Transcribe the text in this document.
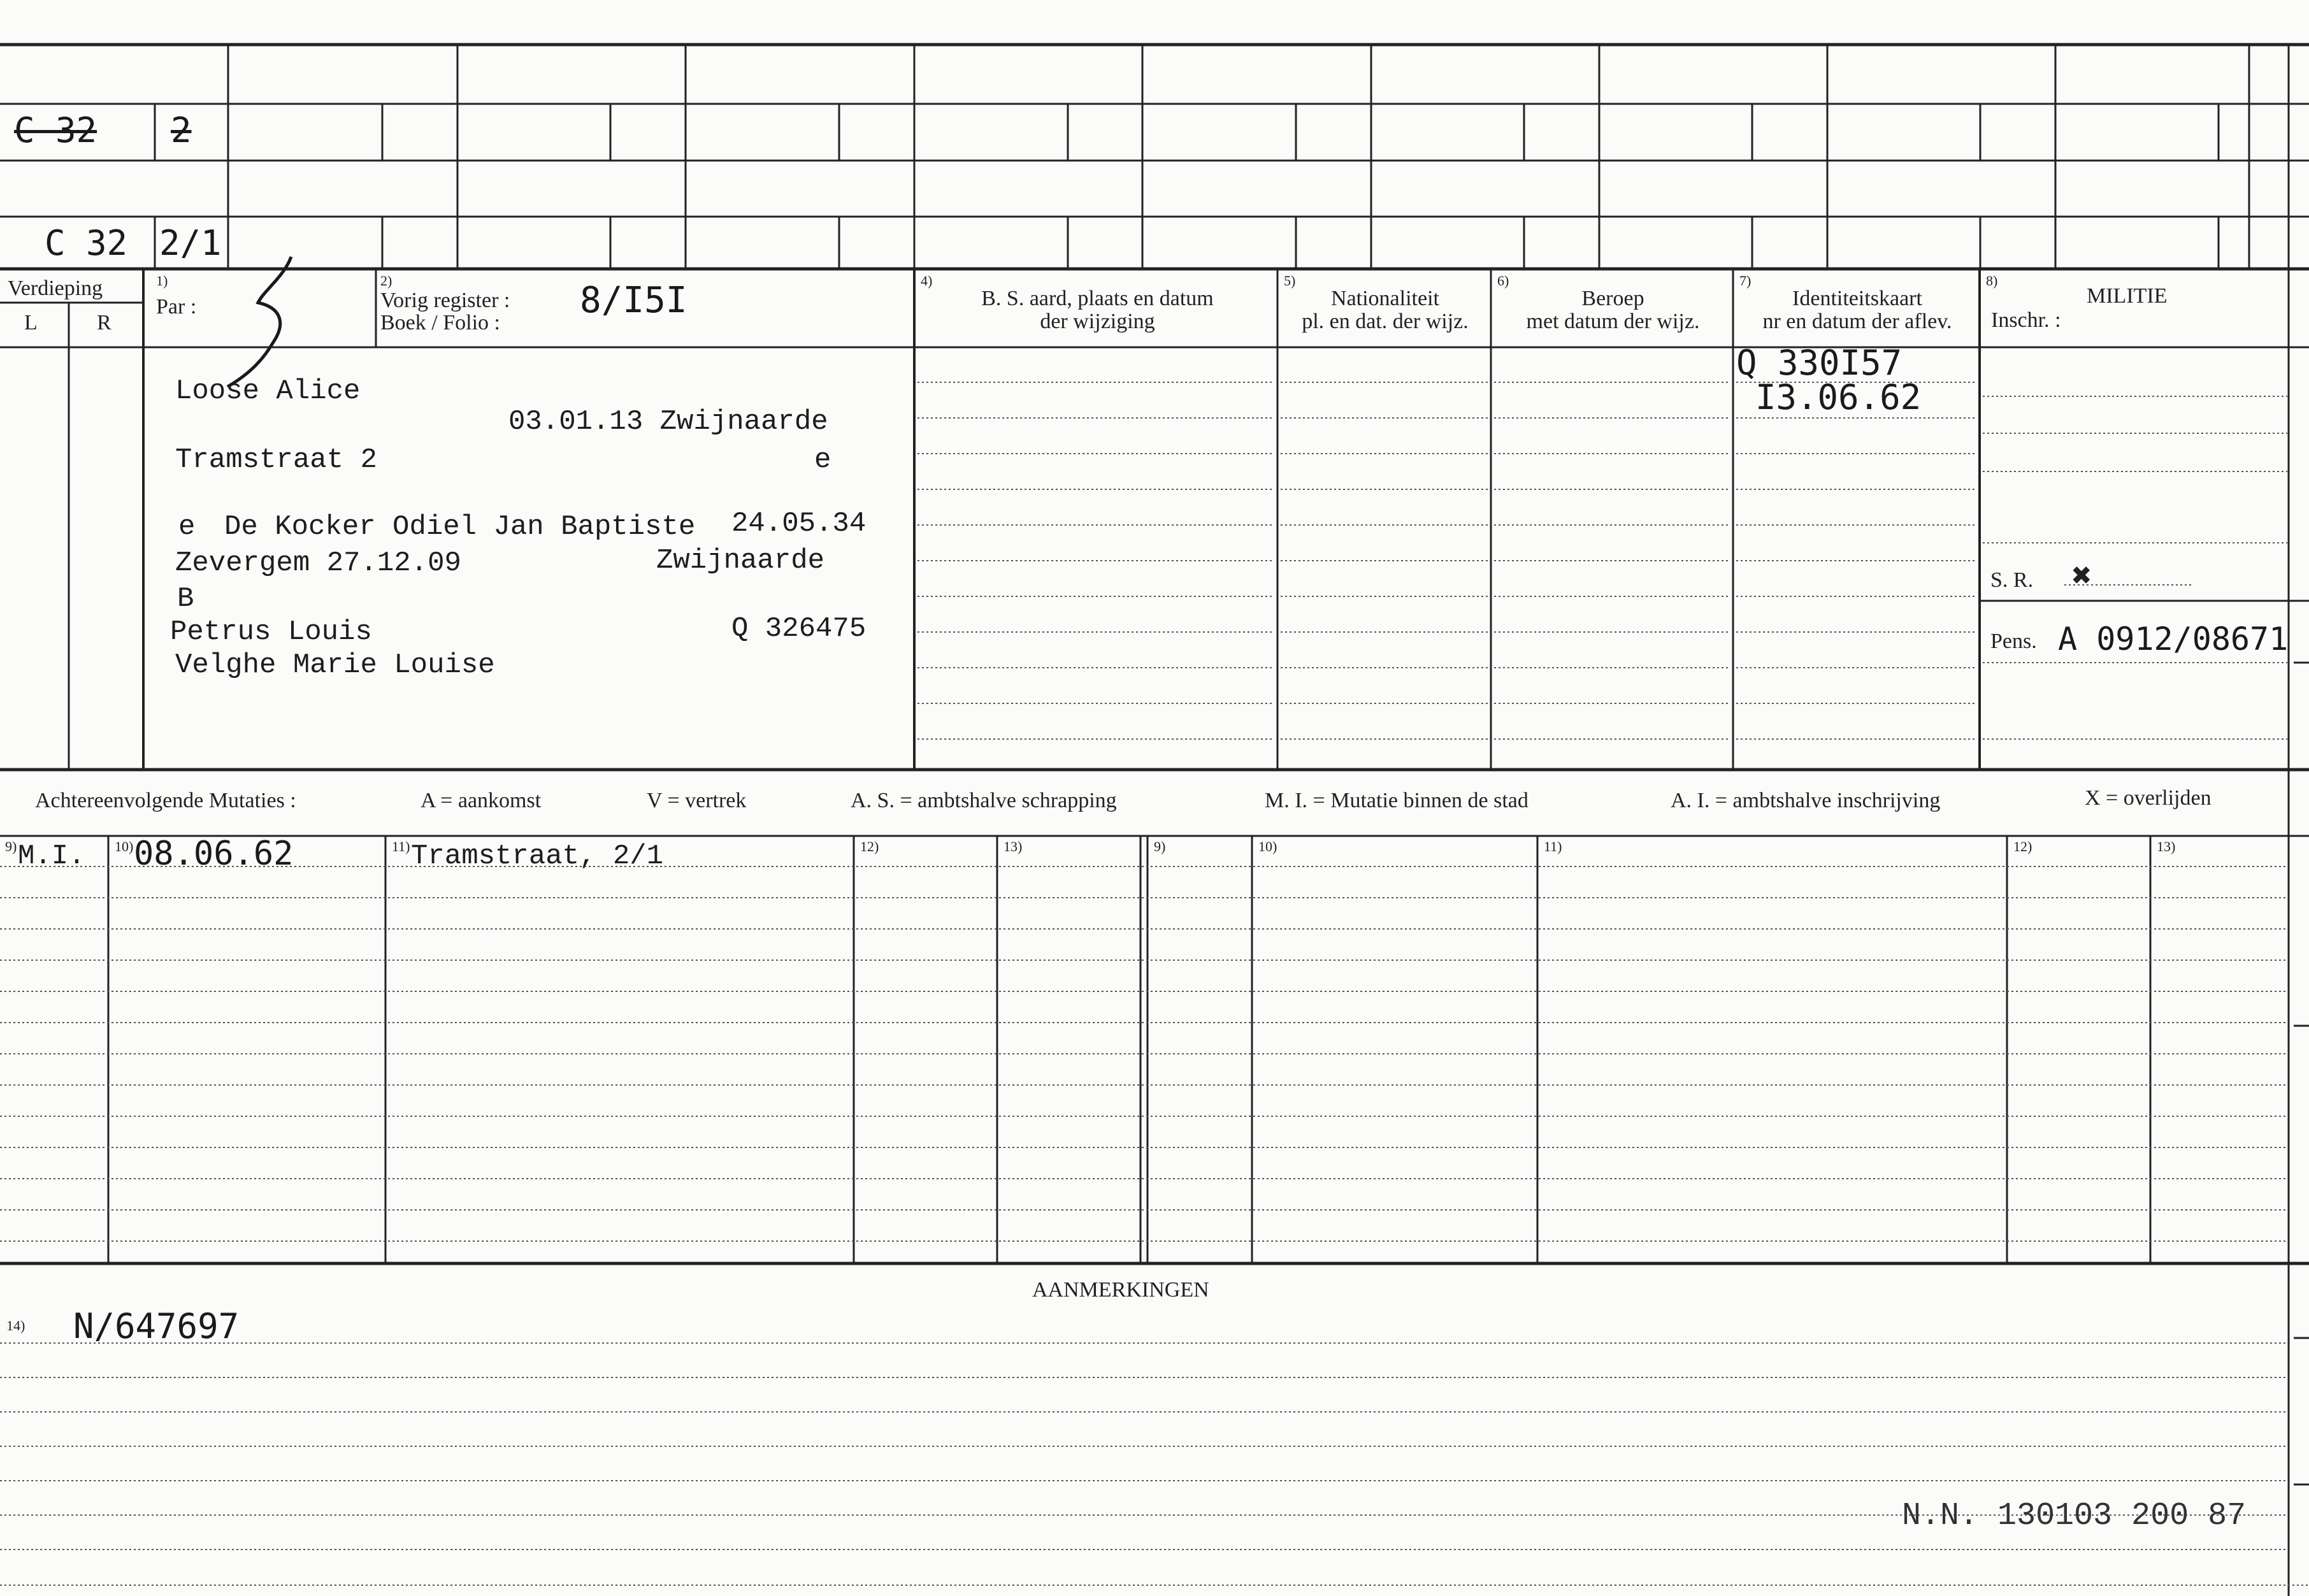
C 32 2
C 32 2/1
Verdieping
L	R
1)
Par :
2)
Vorig register :
Boek / Folio :
8/I5I	4)
B. S. aard, plaats en datum
der wijziging
5)
Nationaliteit
pl. en dat. der wijz.
6)
Beroep
met datum der wijz.
7)
Identiteitskaart
nr en datum der aflev.
8)
MILITIE
Inschr. :
Loose Alice
03.01.13 Zwijnaarde
Tramstraat 2	e
e De Kocker Odiel Jan Baptiste 24.05.34
Zevergem 27.12.09	Zwijnaarde
B
Petrus Louis	Q 326475
Velghe Marie Louise
Q 330I57
I3.06.62
S. R. ✖
Pens. A 0912/08671
Achtereenvolgende Mutaties :	A = aankomst	V = vertrek	A. S. = ambtshalve schrapping	M. I. = Mutatie binnen de stad	A. I. = ambtshalve inschrijving	X = overlijden
9) M.I. 10) 08.06.62	11) Tramstraat, 2/1	12)	13)	9)	10)	11)	12)	13)
AANMERKINGEN
14) N/647697
N.N. 130103 200 87
